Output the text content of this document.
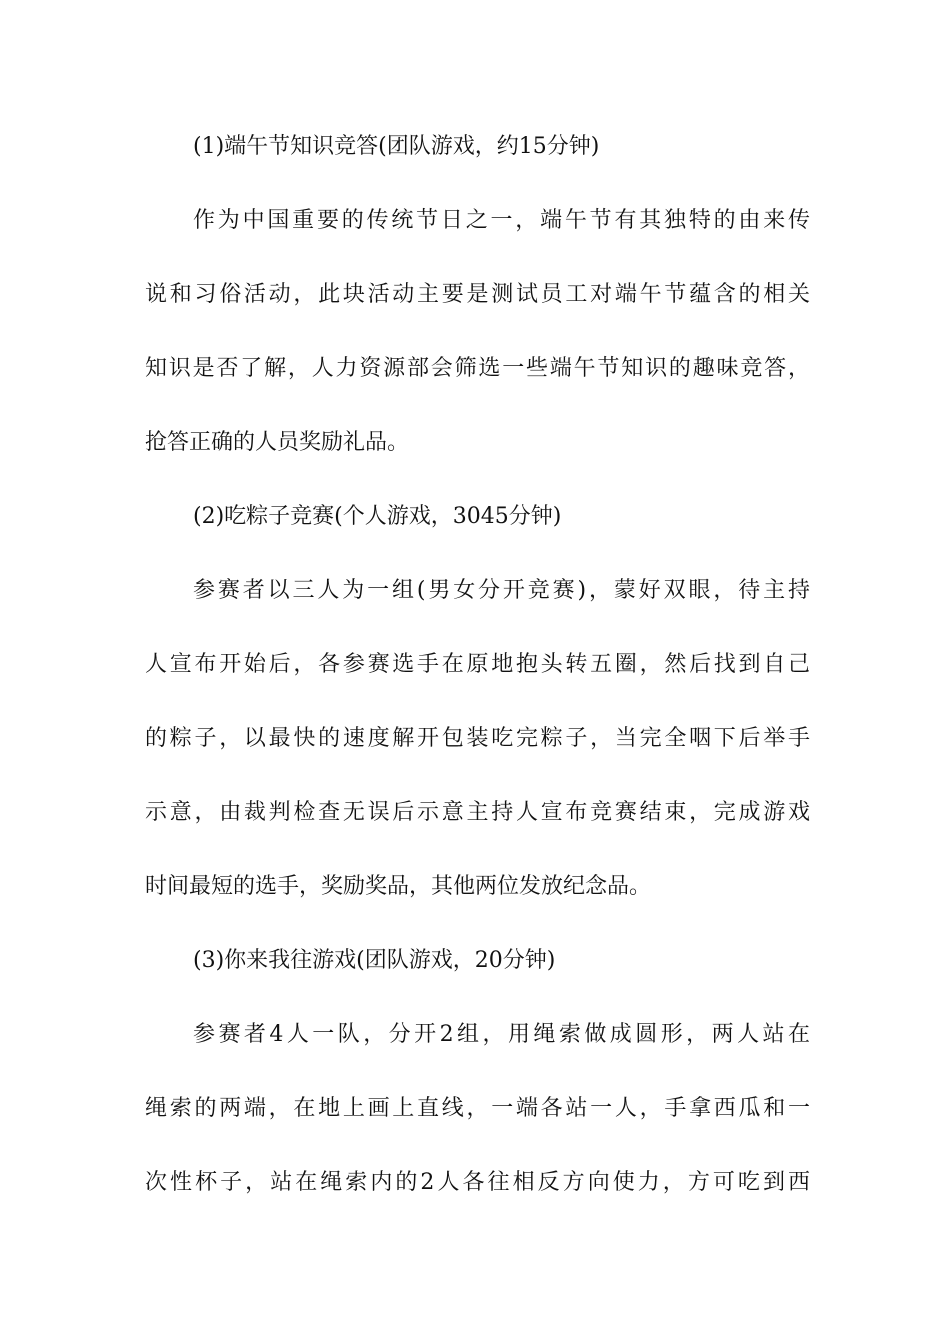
(1)端午节知识竞答(团队游戏，约15分钟)
作为中国重要的传统节日之一，端午节有其独特的由来传
说和习俗活动，此块活动主要是测试员工对端午节蕴含的相关
知识是否了解，人力资源部会筛选一些端午节知识的趣味竞答，
抢答正确的人员奖励礼品。
(2)吃粽子竞赛(个人游戏，3045分钟)
参赛者以三人为一组(男女分开竞赛)，蒙好双眼，待主持
人宣布开始后，各参赛选手在原地抱头转五圈，然后找到自己
的粽子，以最快的速度解开包装吃完粽子，当完全咽下后举手
示意，由裁判检查无误后示意主持人宣布竞赛结束，完成游戏
时间最短的选手，奖励奖品，其他两位发放纪念品。
(3)你来我往游戏(团队游戏，20分钟)
参赛者4人一队，分开2组，用绳索做成圆形，两人站在
绳索的两端，在地上画上直线，一端各站一人，手拿西瓜和一
次性杯子，站在绳索内的2人各往相反方向使力，方可吃到西
